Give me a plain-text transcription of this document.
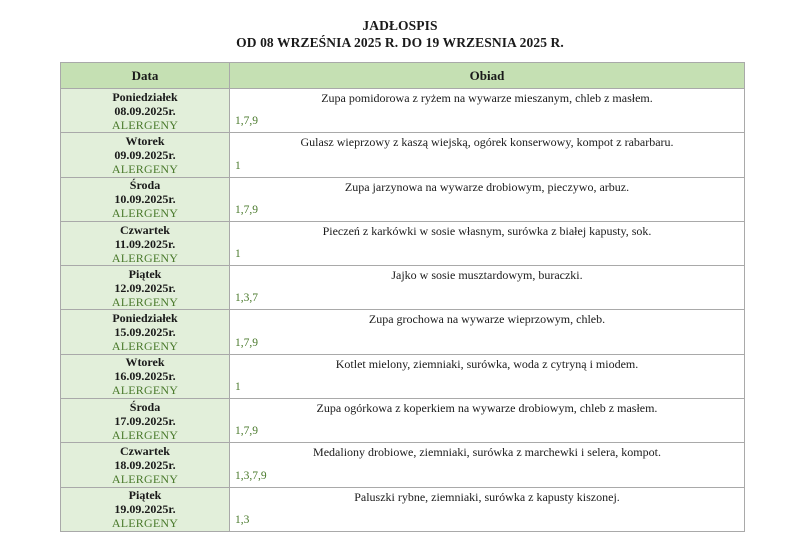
JADŁOSPIS
OD 08 WRZEŚNIA 2025 R. DO 19 WRZESNIA 2025 R.
Data	Obiad

Poniedziałek
08.09.2025r.
ALERGENY	Zupa pomidorowa z ryżem na wywarze mieszanym, chleb z masłem.
1,7,9

Wtorek
09.09.2025r.
ALERGENY	Gulasz wieprzowy z kaszą wiejską, ogórek konserwowy, kompot z rabarbaru.
1

Środa
10.09.2025r.
ALERGENY	Zupa jarzynowa na wywarze drobiowym, pieczywo, arbuz.
1,7,9

Czwartek
11.09.2025r.
ALERGENY	Pieczeń z karkówki w sosie własnym, surówka z białej kapusty, sok.
1

Piątek
12.09.2025r.
ALERGENY	Jajko w sosie musztardowym, buraczki.
1,3,7

Poniedziałek
15.09.2025r.
ALERGENY	Zupa grochowa na wywarze wieprzowym, chleb.
1,7,9

Wtorek
16.09.2025r.
ALERGENY	Kotlet mielony, ziemniaki, surówka, woda z cytryną i miodem.
1

Środa
17.09.2025r.
ALERGENY	Zupa ogórkowa z koperkiem na wywarze drobiowym, chleb z masłem.
1,7,9

Czwartek
18.09.2025r.
ALERGENY	Medaliony drobiowe, ziemniaki, surówka z marchewki i selera, kompot.
1,3,7,9

Piątek
19.09.2025r.
ALERGENY	Paluszki rybne, ziemniaki, surówka z kapusty kiszonej.
1,3
